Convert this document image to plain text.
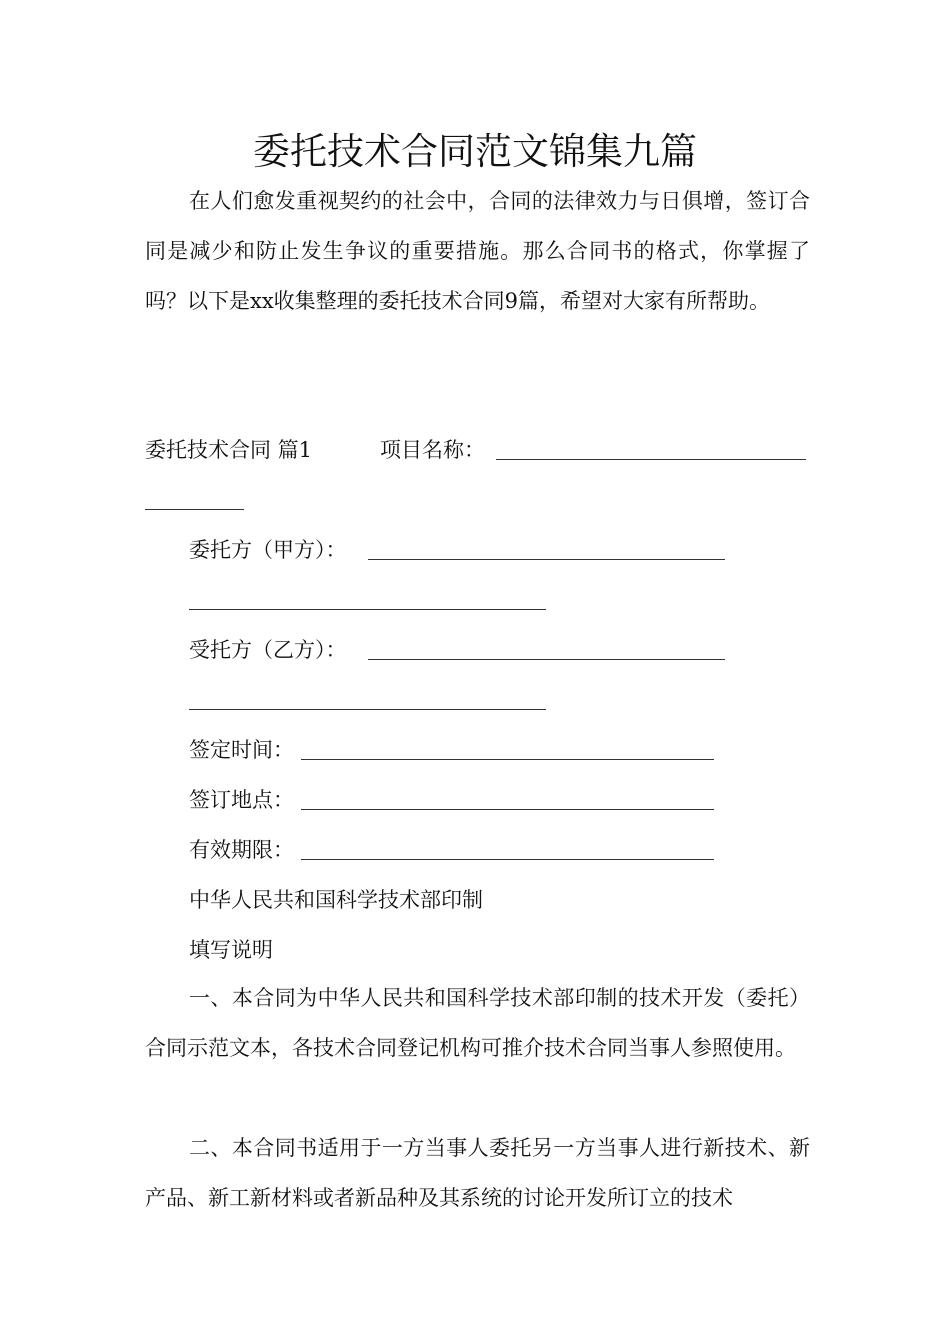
委托技术合同范文锦集九篇

在人们愈发重视契约的社会中，合同的法律效力与日俱增，签订合同是减少和防止发生争议的重要措施。那么合同书的格式，你掌握了吗？以下是xx收集整理的委托技术合同9篇，希望对大家有所帮助。

委托技术合同 篇1	项目名称：
委托方（甲方）：
受托方（乙方）：
签定时间：
签订地点：
有效期限：
中华人民共和国科学技术部印制
填写说明

一、本合同为中华人民共和国科学技术部印制的技术开发（委托）合同示范文本，各技术合同登记机构可推介技术合同当事人参照使用。

二、本合同书适用于一方当事人委托另一方当事人进行新技术、新产品、新工新材料或者新品种及其系统的讨论开发所订立的技术
